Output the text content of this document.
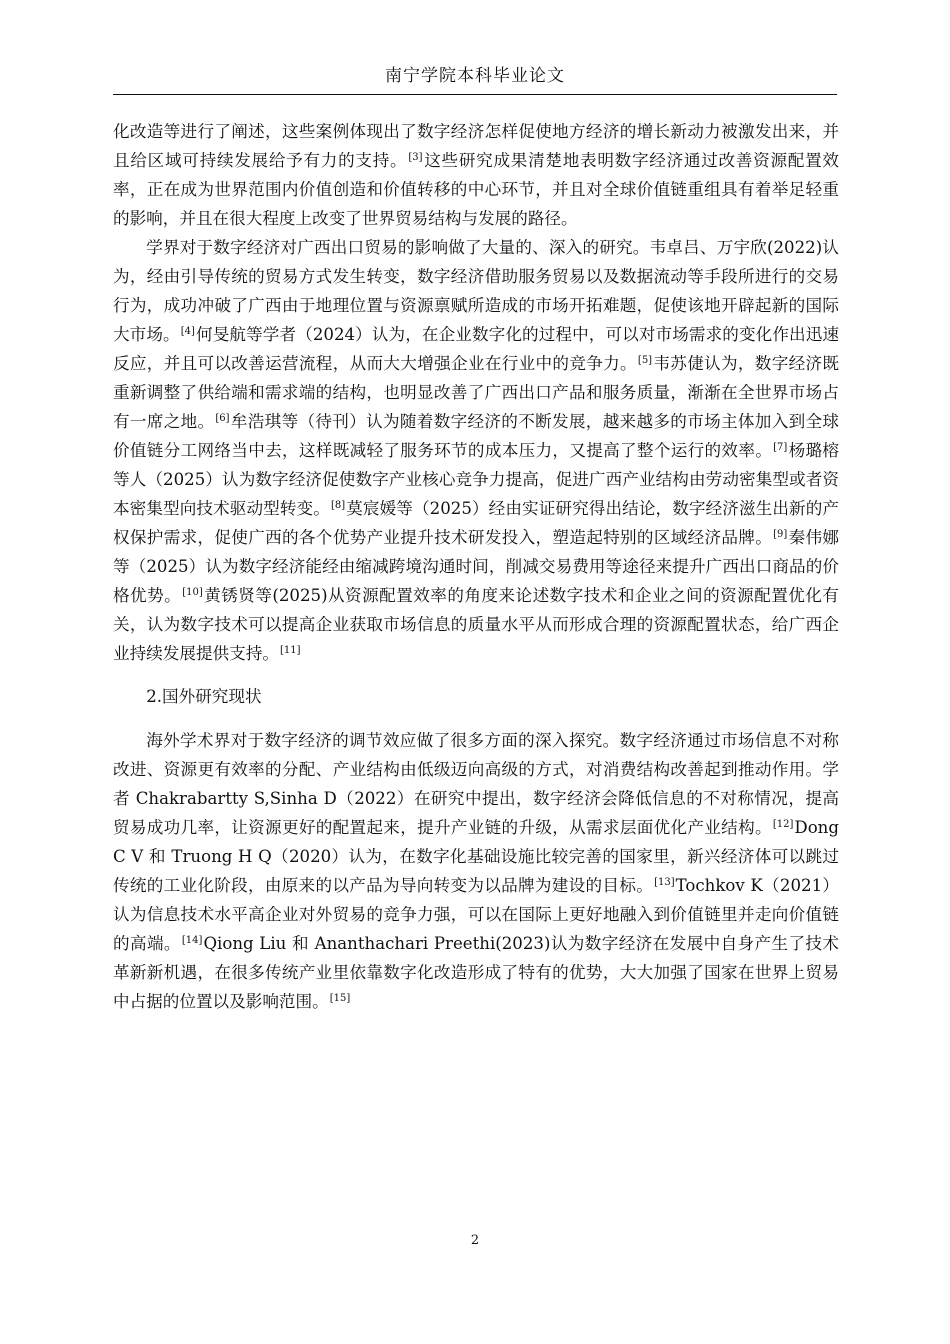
南宁学院本科毕业论文

化改造等进行了阐述，这些案例体现出了数字经济怎样促使地方经济的增长新动力被激发出来，并且给区域可持续发展给予有力的支持。[3]这些研究成果清楚地表明数字经济通过改善资源配置效率，正在成为世界范围内价值创造和价值转移的中心环节，并且对全球价值链重组具有着举足轻重的影响，并且在很大程度上改变了世界贸易结构与发展的路径。

学界对于数字经济对广西出口贸易的影响做了大量的、深入的研究。韦卓吕、万宇欣(2022)认为，经由引导传统的贸易方式发生转变，数字经济借助服务贸易以及数据流动等手段所进行的交易行为，成功冲破了广西由于地理位置与资源禀赋所造成的市场开拓难题，促使该地开辟起新的国际大市场。[4]何旻航等学者（2024）认为，在企业数字化的过程中，可以对市场需求的变化作出迅速反应，并且可以改善运营流程，从而大大增强企业在行业中的竞争力。[5]韦苏倢认为，数字经济既重新调整了供给端和需求端的结构，也明显改善了广西出口产品和服务质量，渐渐在全世界市场占有一席之地。[6]牟浩琪等（待刊）认为随着数字经济的不断发展，越来越多的市场主体加入到全球价值链分工网络当中去，这样既减轻了服务环节的成本压力，又提高了整个运行的效率。[7]杨璐榕等人（2025）认为数字经济促使数字产业核心竞争力提高，促进广西产业结构由劳动密集型或者资本密集型向技术驱动型转变。[8]莫宸媛等（2025）经由实证研究得出结论，数字经济滋生出新的产权保护需求，促使广西的各个优势产业提升技术研发投入，塑造起特别的区域经济品牌。[9]秦伟娜等（2025）认为数字经济能经由缩减跨境沟通时间，削减交易费用等途径来提升广西出口商品的价格优势。[10]黄锈贤等(2025)从资源配置效率的角度来论述数字技术和企业之间的资源配置优化有关，认为数字技术可以提高企业获取市场信息的质量水平从而形成合理的资源配置状态，给广西企业持续发展提供支持。[11]

2.国外研究现状

海外学术界对于数字经济的调节效应做了很多方面的深入探究。数字经济通过市场信息不对称改进、资源更有效率的分配、产业结构由低级迈向高级的方式，对消费结构改善起到推动作用。学者 Chakrabartty S,Sinha D（2022）在研究中提出，数字经济会降低信息的不对称情况，提高贸易成功几率，让资源更好的配置起来，提升产业链的升级，从需求层面优化产业结构。[12]Dong C V 和 Truong H Q（2020）认为，在数字化基础设施比较完善的国家里，新兴经济体可以跳过传统的工业化阶段，由原来的以产品为导向转变为以品牌为建设的目标。[13]Tochkov K（2021）认为信息技术水平高企业对外贸易的竞争力强，可以在国际上更好地融入到价值链里并走向价值链的高端。[14]Qiong Liu 和 Ananthachari Preethi(2023)认为数字经济在发展中自身产生了技术革新新机遇，在很多传统产业里依靠数字化改造形成了特有的优势，大大加强了国家在世界上贸易中占据的位置以及影响范围。[15]

2
